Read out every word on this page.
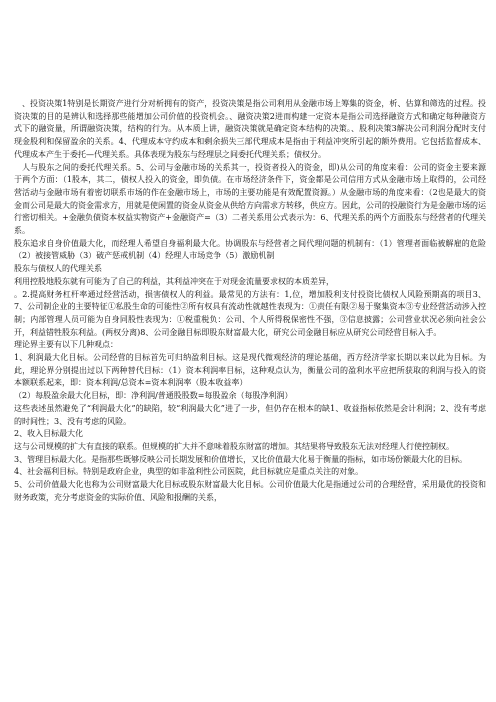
、投资决策1特别是长期资产进行分对析拥有的资产，投资决策是指公司利用从金融市场上筹集的资金，析、估算和筛选的过程。投资决策的目的是辨认和选择那些能增加公司价值的投资机会。、融资决策2进而构建一定资本是指公司选择融资方式和确定每种融资方式下的融资量，所谓融资决策，结构的行为。从本质上讲，融资决策就是确定资本结构的决策。、股利决策3解决公司利润分配时支付现金股利和保留盈余的关系。4、代理成本守约成本和剩余损失三部代理成本是指由于利益冲突所引起的额外费用。它包括监督成本、代理成本产生于委托—代理关系。具体表现为股东与经理层之间委托代理关系；债权分。

人与股东之间的委托代理关系。5、公司与金融市场的关系其一，投资者投入的资金，即)从公司的角度来看：公司的资金主要来源于两个方面：（1股本，其二，债权人投入的资金，即负债。在市场经济条件下，资金都是公司信用方式从金融市场上取得的，公司经营活动与金融市场有着密切联系市场的作在金融市场上，市场的主要功能是有效配置资源。）从金融市场的角度来看：（2也是最大的资金而公司是最大的资金需求方，用就是使闲置的资金从资金从供给方向需求方转移，供应方。因此，公司的投融资行为是金融市场的运行密切相关。+金融负债资本权益实物资产+金融资产=（3）二者关系用公式表示为：6、代理关系的两个方面股东与经营者的代理关系。

股东追求自身价值最大化，而经理人希望自身福利最大化。协调股东与经营者之间代理问题的机制有：（1）管理者面临被解雇的危险（2）被接管威胁（3）破产惩戒机制（4）经理人市场竞争（5）激励机制

股东与债权人的代理关系

利用控股地股东就有可能为了自己的利益，其利益冲突在于对现金流量要求权的本质差异，

。2.提高财务杠杆率通过经营活动，损害债权人的利益。最常见的方法有：1,位，增加股利支付投资比债权人风险预期高的项目3、7、公司制企业的主要特征①私股生命的可能性②所有权具有流动性就越性表现为：①责任有限②易于聚集资本③专业经营活动涉入控制；内部管理人员可能为自身同股性表现为：①税重税负：公司、个人所得税保密性不强，③信息披露；公司营业状况必须向社会公开，利益错牲股东利益。(两权分离)8、公司金融目标即股东财富最大化，研究公司金融目标应从研究公司经营目标入手。

理论界主要有以下几种观点：

1、利润最大化目标。公司经营的目标首先可归纳盈利目标。这是现代微观经济的理论基础，西方经济学家长期以来以此为目标。为此，理论界分别提出过以下两种替代目标：（1）资本利润率目标，这种观点认为，衡量公司的盈利水平应把所获取的利润与投入的资本额联系起来，即：资本利润/总资本=资本利润率（股本收益率）

（2）每股盈余最大化目标，即：净利润/普通股股数=每股盈余（每股净利润）

这些表述虽然避免了“利润最大化”的缺陷，较“利润最大化”进了一步，但仍存在根本的缺1、收益指标依然是会计利润；2、没有考虑的时间性；3、没有考虑的风险。

2、收入目标最大化

这与公司规模的扩大有直接的联系。但规模的扩大并不意味着股东财富的增加。其结果将导致股东无法对经理人行使控制权。

3、管理目标最大化。是指那些既够反映公司长期发展和价值增长，又比价值最大化易于衡量的指标，如市场份额最大化的目标。

4、社会福利目标。特别是政府企业，典型的如非盈利性公司医院，此目标就应是重点关注的对象。

5、公司价值最大化也称为公司财富最大化目标或股东财富最大化目标。公司价值最大化是指通过公司的合理经营，采用最优的投资和财务政策，充分考虑资金的实际价值、风险和报酬的关系，
